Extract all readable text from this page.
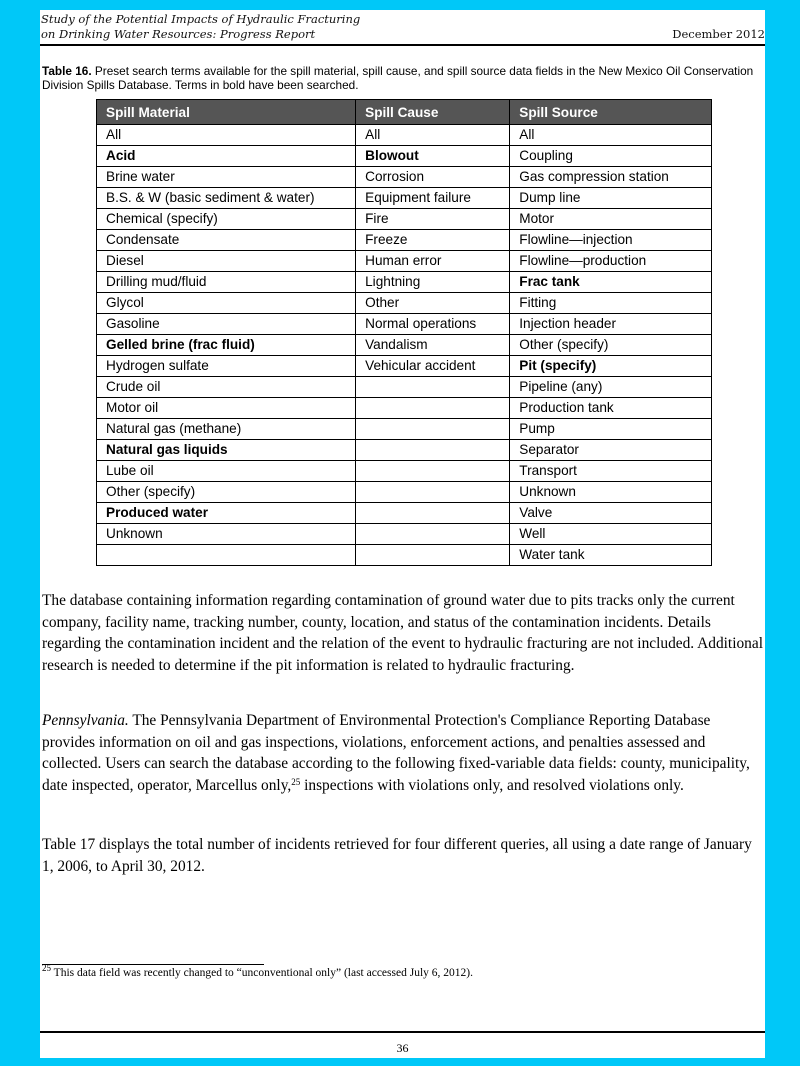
Study of the Potential Impacts of Hydraulic Fracturing
on Drinking Water Resources: Progress Report	December 2012
Table 16. Preset search terms available for the spill material, spill cause, and spill source data fields in the New Mexico Oil Conservation Division Spills Database. Terms in bold have been searched.
Spill Material	Spill Cause	Spill Source
All	All	All
Acid	Blowout	Coupling
Brine water	Corrosion	Gas compression station
B.S. & W (basic sediment & water)	Equipment failure	Dump line
Chemical (specify)	Fire	Motor
Condensate	Freeze	Flowline—injection
Diesel	Human error	Flowline—production
Drilling mud/fluid	Lightning	Frac tank
Glycol	Other	Fitting
Gasoline	Normal operations	Injection header
Gelled brine (frac fluid)	Vandalism	Other (specify)
Hydrogen sulfate	Vehicular accident	Pit (specify)
Crude oil		Pipeline (any)
Motor oil		Production tank
Natural gas (methane)		Pump
Natural gas liquids		Separator
Lube oil		Transport
Other (specify)		Unknown
Produced water		Valve
Unknown		Well
		Water tank

The database containing information regarding contamination of ground water due to pits tracks only the current company, facility name, tracking number, county, location, and status of the contamination incidents. Details regarding the contamination incident and the relation of the event to hydraulic fracturing are not included. Additional research is needed to determine if the pit information is related to hydraulic fracturing.

Pennsylvania. The Pennsylvania Department of Environmental Protection's Compliance Reporting Database provides information on oil and gas inspections, violations, enforcement actions, and penalties assessed and collected. Users can search the database according to the following fixed-variable data fields: county, municipality, date inspected, operator, Marcellus only,$^{25}$ inspections with violations only, and resolved violations only.

Table 17 displays the total number of incidents retrieved for four different queries, all using a date range of January 1, 2006, to April 30, 2012.

$^{25}$ This data field was recently changed to “unconventional only” (last accessed July 6, 2012).
36
